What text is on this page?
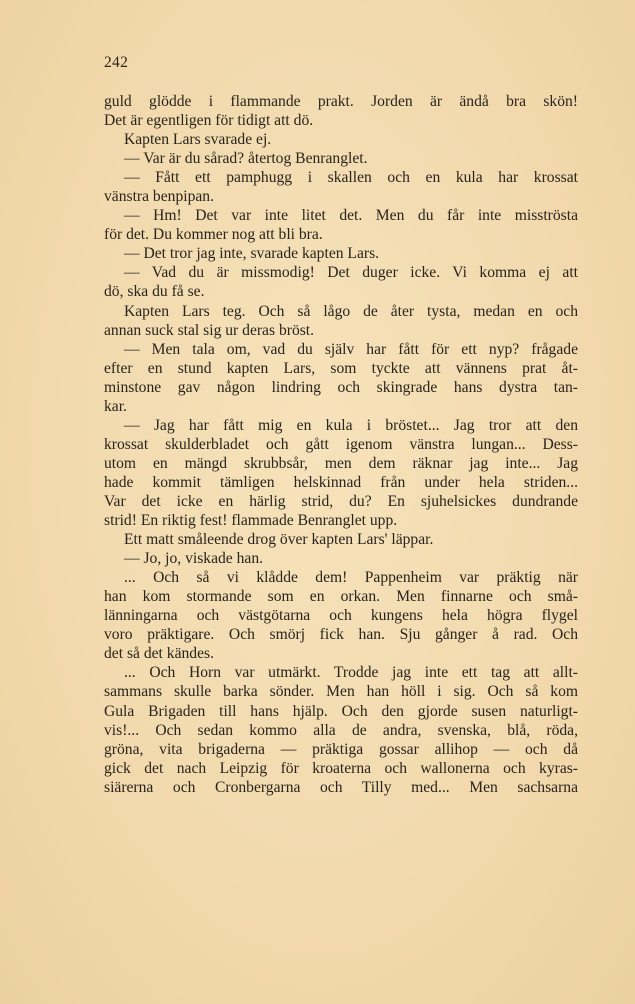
242
guld glödde i flammande prakt. Jorden är ändå bra skön!
Det är egentligen för tidigt att dö.
Kapten Lars svarade ej.
— Var är du sårad? återtog Benranglet.
— Fått ett pamphugg i skallen och en kula har krossat
vänstra benpipan.
— Hm! Det var inte litet det. Men du får inte misströsta
för det. Du kommer nog att bli bra.
— Det tror jag inte, svarade kapten Lars.
— Vad du är missmodig! Det duger icke. Vi komma ej att
dö, ska du få se.
Kapten Lars teg. Och så lågo de åter tysta, medan en och
annan suck stal sig ur deras bröst.
— Men tala om, vad du själv har fått för ett nyp? frågade
efter en stund kapten Lars, som tyckte att vännens prat åt-
minstone gav någon lindring och skingrade hans dystra tan-
kar.
— Jag har fått mig en kula i bröstet... Jag tror att den
krossat skulderbladet och gått igenom vänstra lungan... Dess-
utom en mängd skrubbsår, men dem räknar jag inte... Jag
hade kommit tämligen helskinnad från under hela striden...
Var det icke en härlig strid, du? En sjuhelsickes dundrande
strid! En riktig fest! flammade Benranglet upp.
Ett matt småleende drog över kapten Lars' läppar.
— Jo, jo, viskade han.
... Och så vi klådde dem! Pappenheim var präktig när
han kom stormande som en orkan. Men finnarne och små-
länningarna och västgötarna och kungens hela högra flygel
voro präktigare. Och smörj fick han. Sju gånger å rad. Och
det så det kändes.
... Och Horn var utmärkt. Trodde jag inte ett tag att allt-
sammans skulle barka sönder. Men han höll i sig. Och så kom
Gula Brigaden till hans hjälp. Och den gjorde susen naturligt-
vis!... Och sedan kommo alla de andra, svenska, blå, röda,
gröna, vita brigaderna — präktiga gossar allihop — och då
gick det nach Leipzig för kroaterna och wallonerna och kyras-
siärerna och Cronbergarna och Tilly med... Men sachsarna
